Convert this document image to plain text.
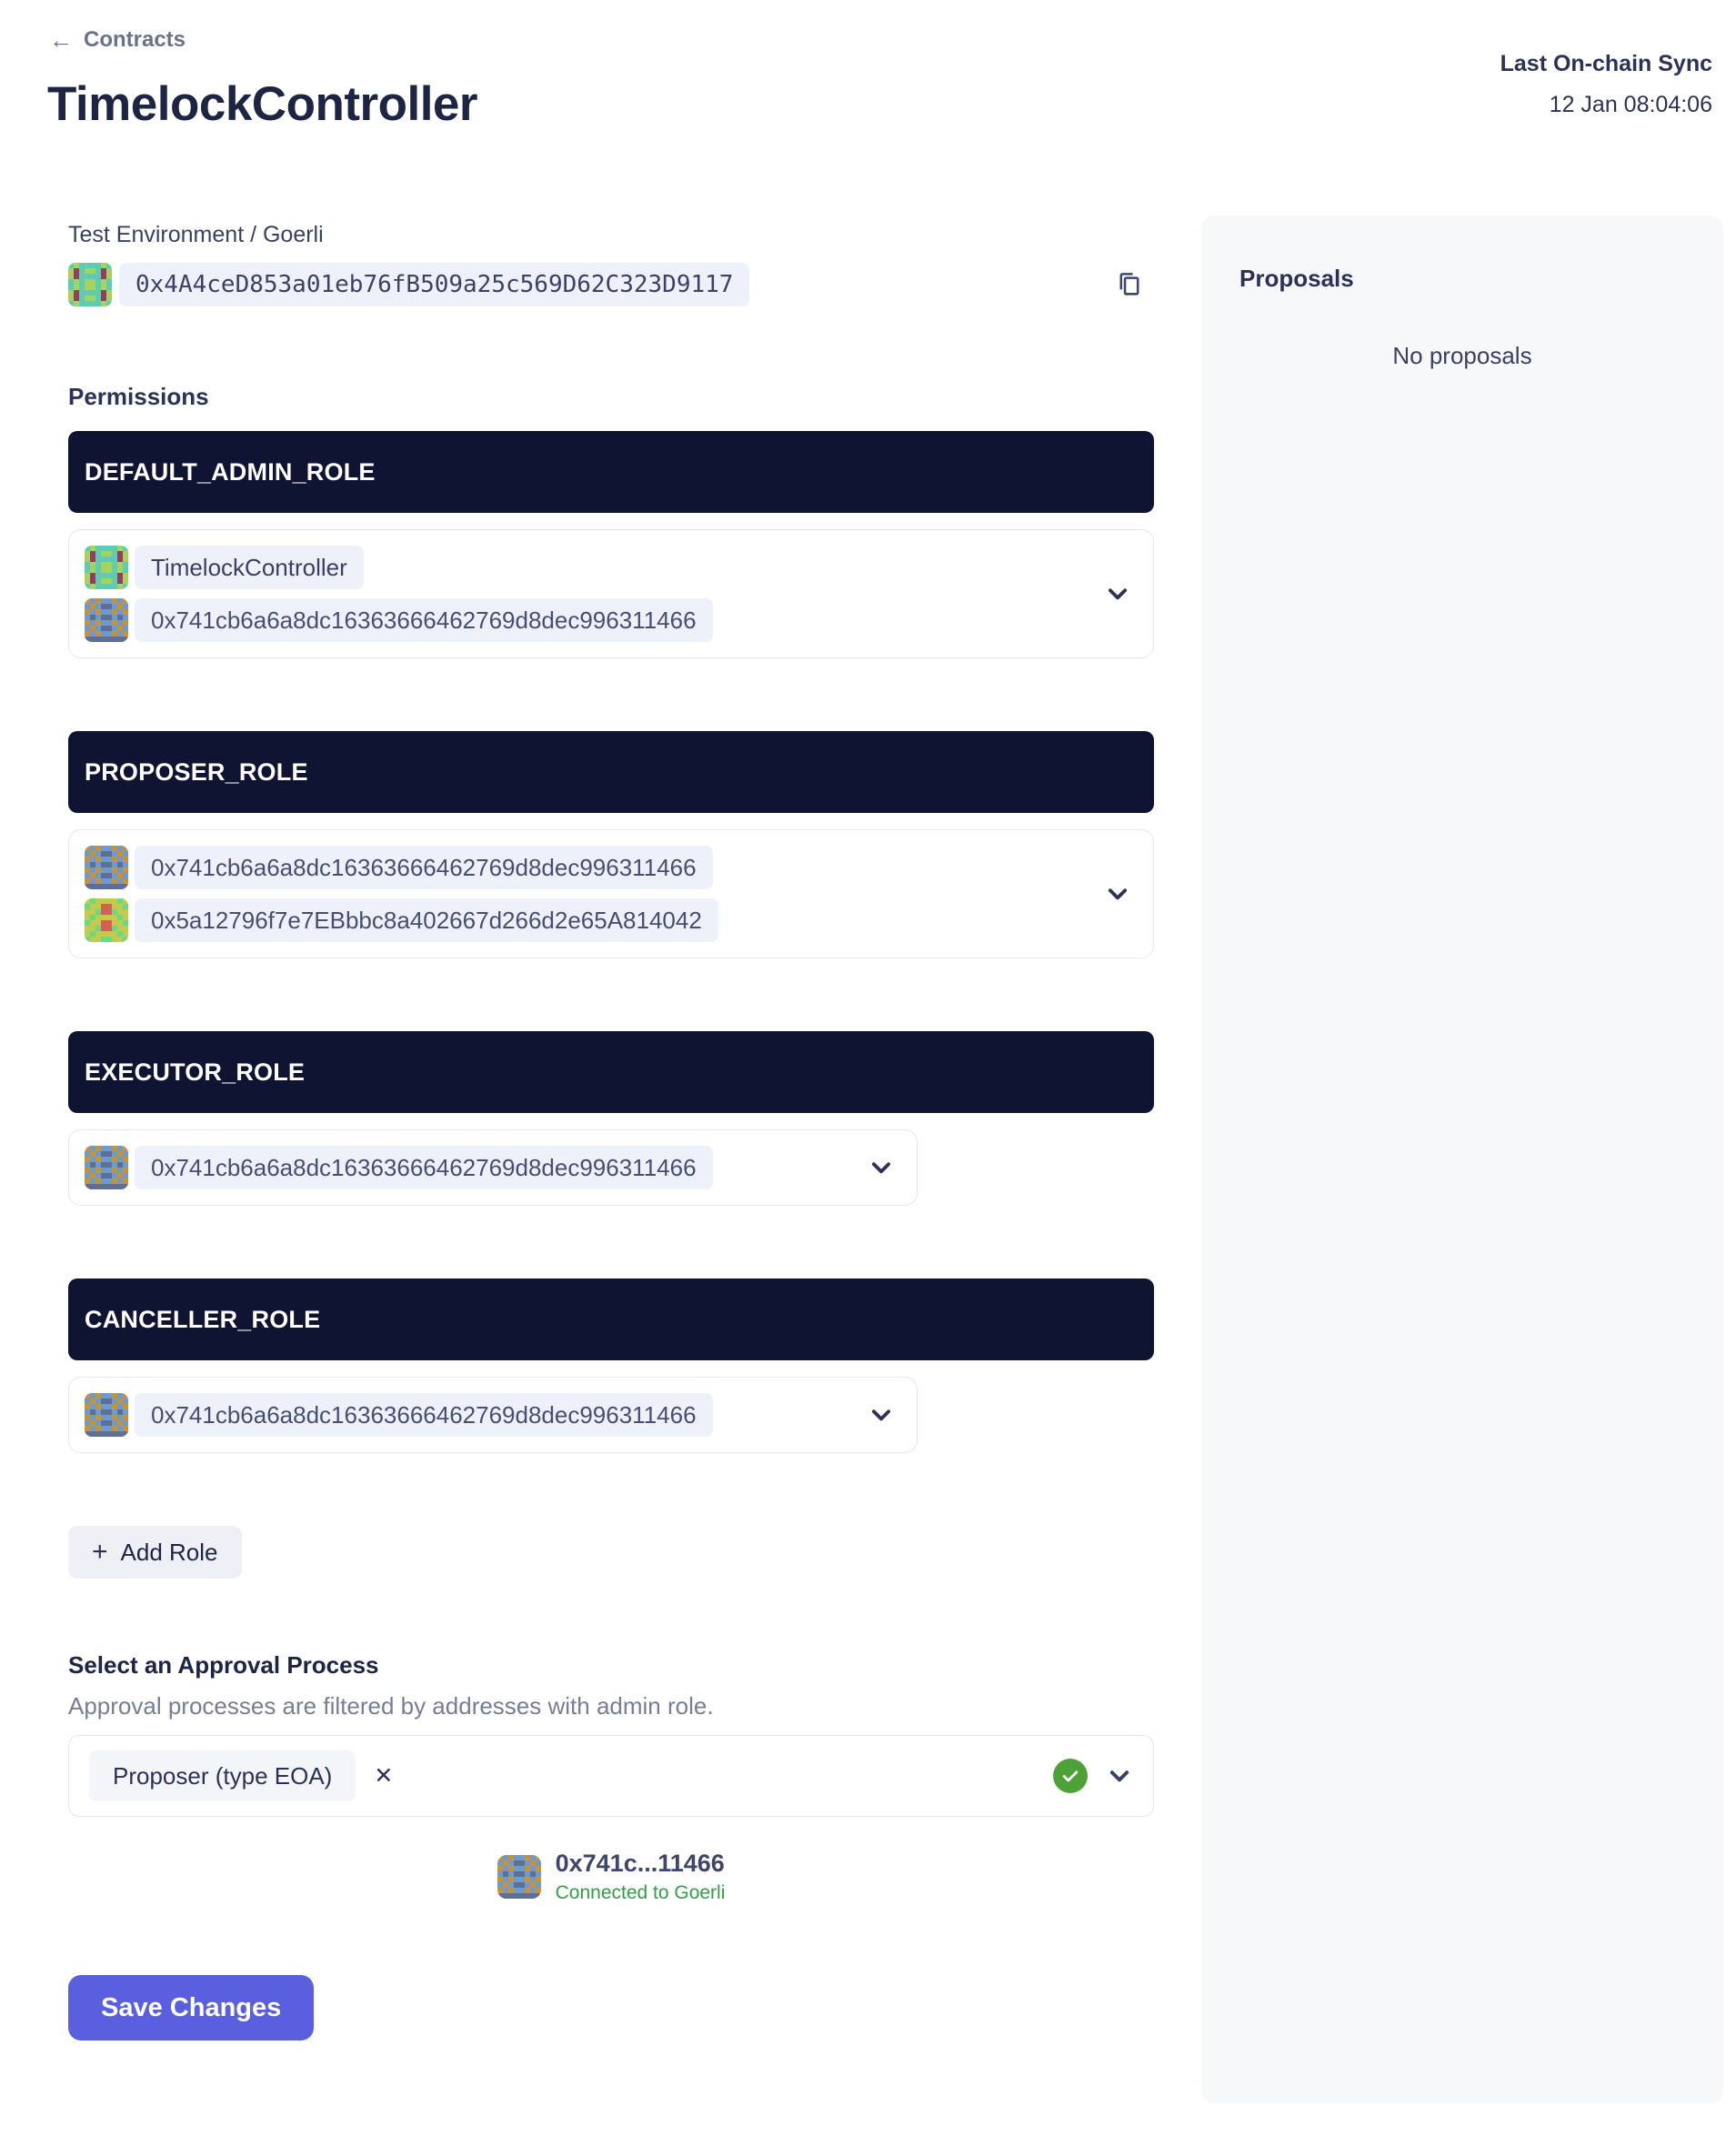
← Contracts
TimelockController
Last On-chain Sync
12 Jan 08:04:06
Test Environment / Goerli
0x4A4ceD853a01eb76fB509a25c569D62C323D9117
Permissions
DEFAULT_ADMIN_ROLE
TimelockController
0x741cb6a6a8dc16363666462769d8dec996311466
PROPOSER_ROLE
0x741cb6a6a8dc16363666462769d8dec996311466
0x5a12796f7e7EBbbc8a402667d266d2e65A814042
EXECUTOR_ROLE
0x741cb6a6a8dc16363666462769d8dec996311466
CANCELLER_ROLE
0x741cb6a6a8dc16363666462769d8dec996311466
+ Add Role
Select an Approval Process
Approval processes are filtered by addresses with admin role.
Proposer (type EOA)	✕
0x741c...11466
Connected to Goerli
Save Changes
Proposals
No proposals
